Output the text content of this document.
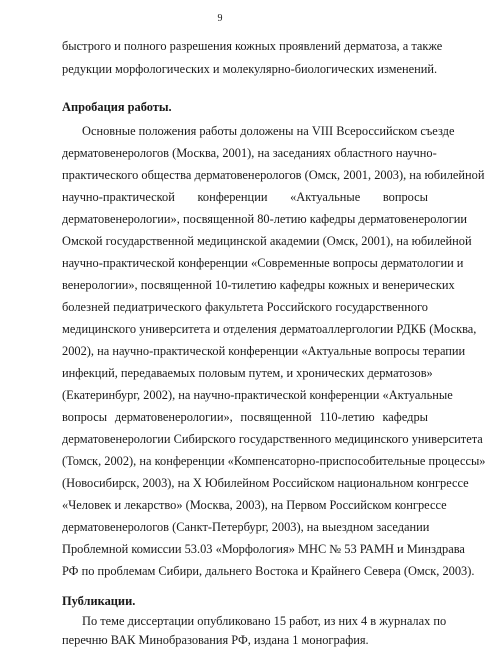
9
быстрого и полного разрешения кожных проявлений дерматоза, а также
редукции морфологических и молекулярно-биологических изменений.
Апробация работы.
Основные положения работы доложены на VIII Всероссийском съезде
дерматовенерологов (Москва, 2001), на заседаниях областного научно-
практического общества дерматовенерологов (Омск, 2001, 2003), на юбилейной
научно-практической конференции «Актуальные вопросы
дерматовенерологии», посвященной 80-летию кафедры дерматовенерологии
Омской государственной медицинской академии (Омск, 2001), на юбилейной
научно-практической конференции «Современные вопросы дерматологии и
венерологии», посвященной 10-тилетию кафедры кожных и венерических
болезней педиатрического факультета Российского государственного
медицинского университета и отделения дерматоаллергологии РДКБ (Москва,
2002), на научно-практической конференции «Актуальные вопросы терапии
инфекций, передаваемых половым путем, и хронических дерматозов»
(Екатеринбург, 2002), на научно-практической конференции «Актуальные
вопросы дерматовенерологии», посвященной 110-летию кафедры
дерматовенерологии Сибирского государственного медицинского университета
(Томск, 2002), на конференции «Компенсаторно-приспособительные процессы»
(Новосибирск, 2003), на X Юбилейном Российском национальном конгрессе
«Человек и лекарство» (Москва, 2003), на Первом Российском конгрессе
дерматовенерологов (Санкт-Петербург, 2003), на выездном заседании
Проблемной комиссии 53.03 «Морфология» МНС № 53 РАМН и Минздрава
РФ по проблемам Сибири, дальнего Востока и Крайнего Севера (Омск, 2003).
Публикации.
По теме диссертации опубликовано 15 работ, из них 4 в журналах по
перечню ВАК Минобразования РФ, издана 1 монография.
